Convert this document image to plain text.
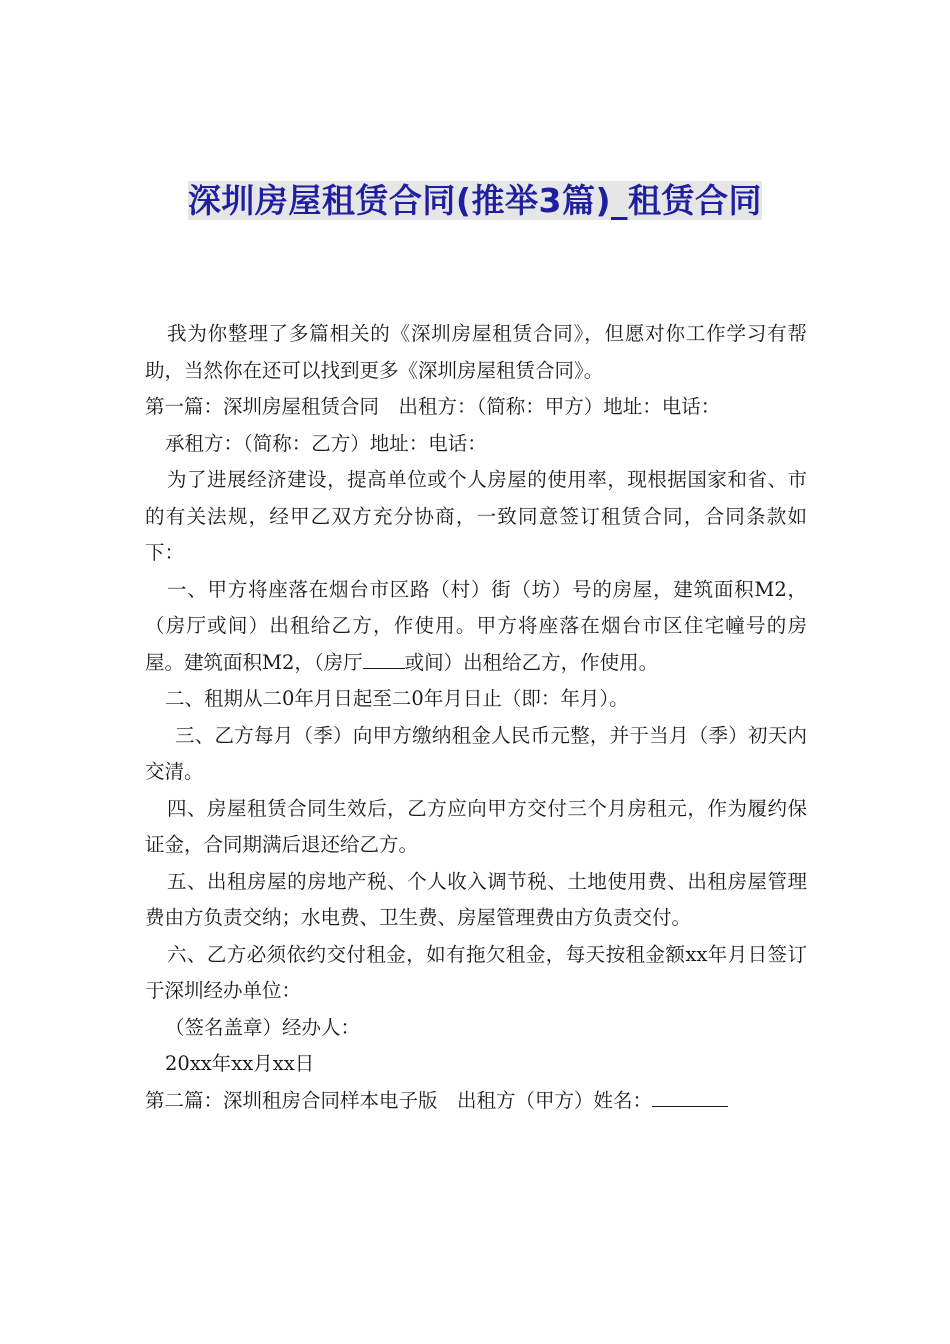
深圳房屋租赁合同(推举3篇)_租赁合同

我为你整理了多篇相关的《深圳房屋租赁合同》，但愿对你工作学习有帮助，当然你在还可以找到更多《深圳房屋租赁合同》。

第一篇：深圳房屋租赁合同　出租方：（简称：甲方）地址：电话：

承租方：（简称：乙方）地址：电话：

为了进展经济建设，提高单位或个人房屋的使用率，现根据国家和省、市的有关法规，经甲乙双方充分协商，一致同意签订租赁合同，合同条款如下：

一、甲方将座落在烟台市区路（村）街（坊）号的房屋，建筑面积M2，（房厅或间）出租给乙方，作使用。甲方将座落在烟台市区住宅幢号的房屋。建筑面积M2，（房厅 或间）出租给乙方，作使用。

二、租期从二0年月日起至二0年月日止（即：年月）。

三、乙方每月（季）向甲方缴纳租金人民币元整，并于当月（季）初天内交清。

四、房屋租赁合同生效后，乙方应向甲方交付三个月房租元，作为履约保证金，合同期满后退还给乙方。

五、出租房屋的房地产税、个人收入调节税、土地使用费、出租房屋管理费由方负责交纳；水电费、卫生费、房屋管理费由方负责交付。

六、乙方必须依约交付租金，如有拖欠租金，每天按租金额xx年月日签订于深圳经办单位：

（签名盖章）经办人：

20xx年xx月xx日

第二篇：深圳租房合同样本电子版　出租方（甲方）姓名：
